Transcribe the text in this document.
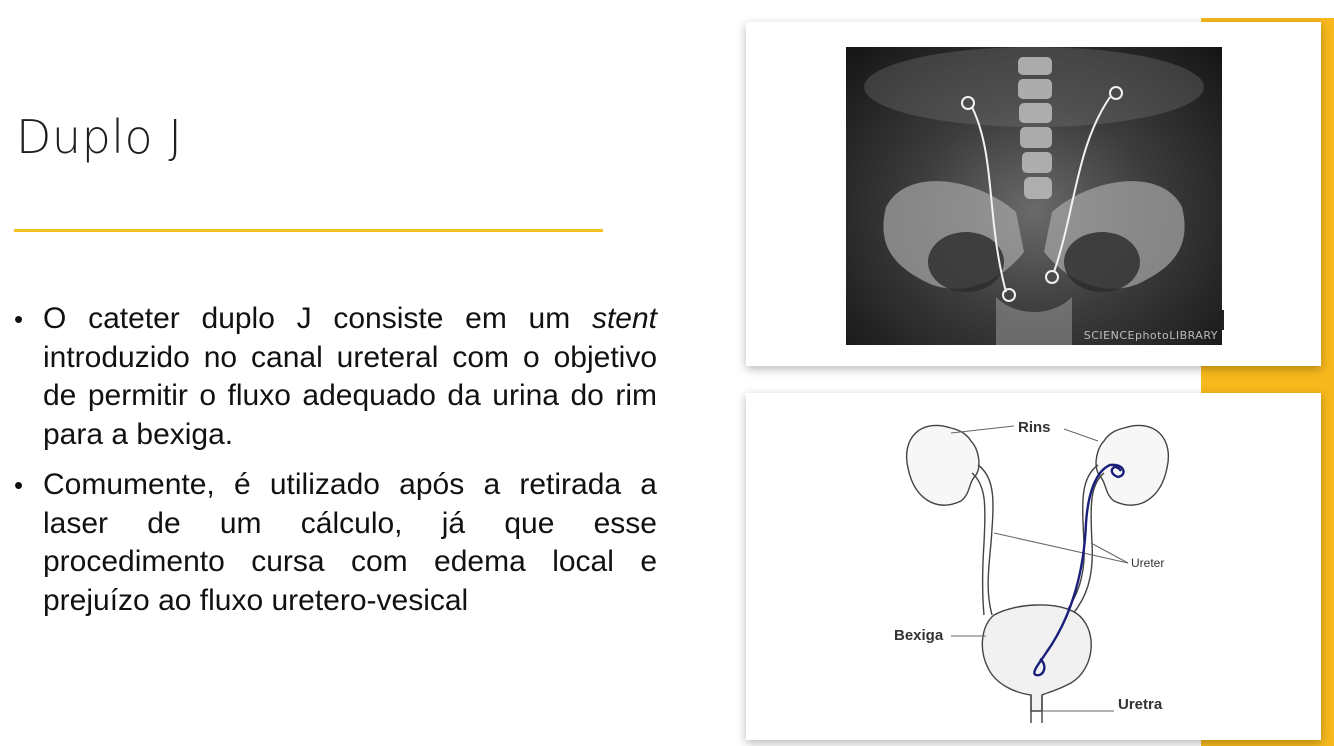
Duplo J
• O cateter duplo J consiste em um stent introduzido no canal ureteral com o objetivo de permitir o fluxo adequado da urina do rim para a bexiga.
• Comumente, é utilizado após a retirada a laser de um cálculo, já que esse procedimento cursa com edema local e prejuízo ao fluxo uretero-vesical
SCIENCEphotoLIBRARY
Rins
Ureter
Bexiga
Uretra
